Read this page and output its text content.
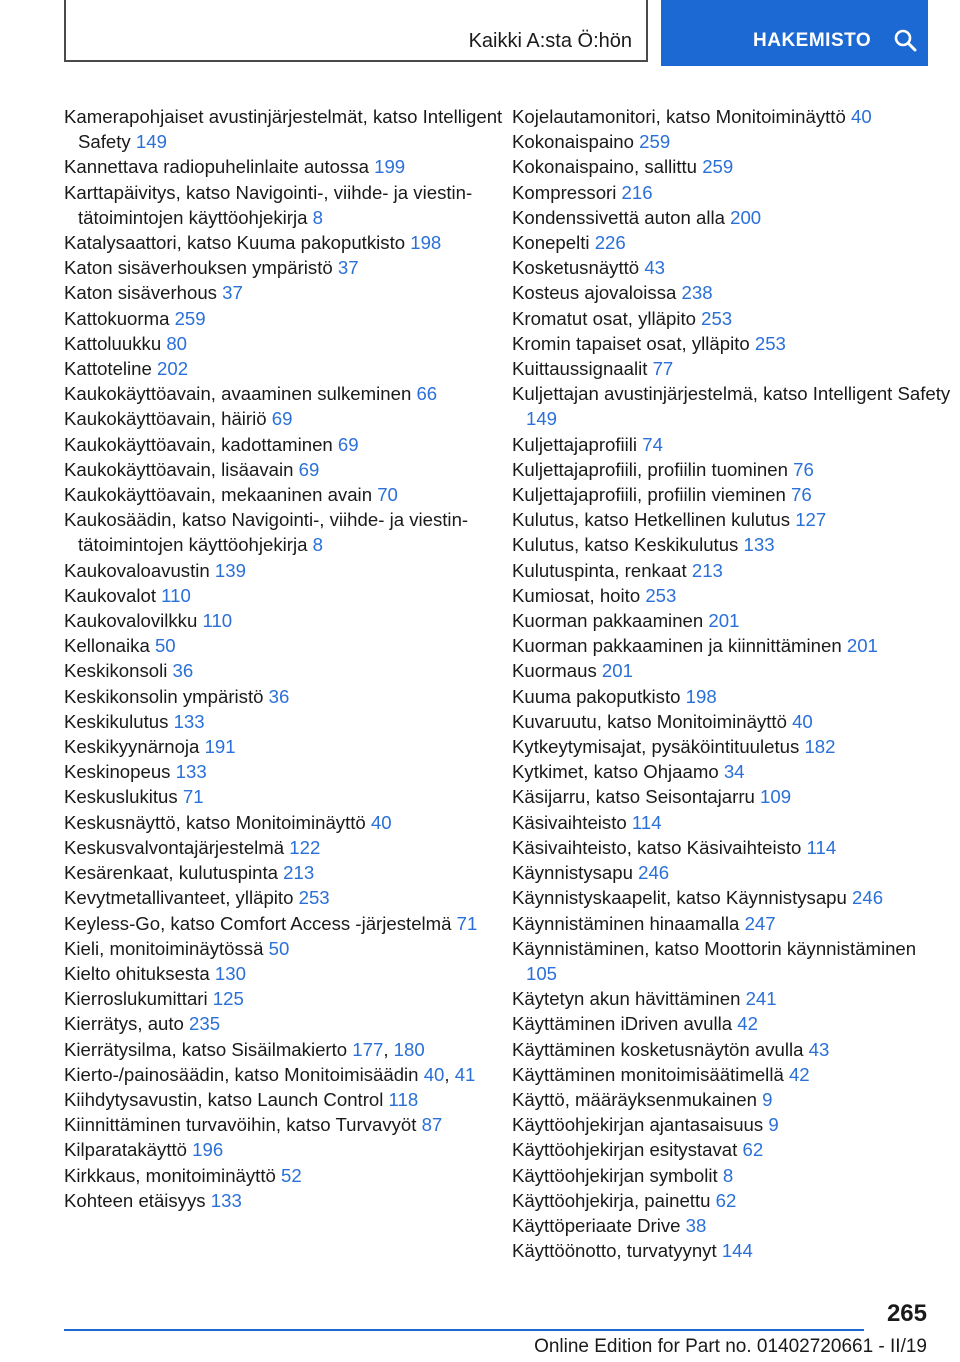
Kaikki A:sta Ö:hön	HAKEMISTO
Kamerapohjaiset avustinjärjestelmät, katso Intelligent Safety 149
Kannettava radiopuhelinlaite autossa 199
Karttapäivitys, katso Navigointi-, viihde- ja viestintätoimintojen käyttöohjekirja 8
Katalysaattori, katso Kuuma pakoputkisto 198
Katon sisäverhouksen ympäristö 37
Katon sisäverhous 37
Kattokuorma 259
Kattoluukku 80
Kattoteline 202
Kaukokäyttöavain, avaaminen sulkeminen 66
Kaukokäyttöavain, häiriö 69
Kaukokäyttöavain, kadottaminen 69
Kaukokäyttöavain, lisäavain 69
Kaukokäyttöavain, mekaaninen avain 70
Kaukosäädin, katso Navigointi-, viihde- ja viestintätoimintojen käyttöohjekirja 8
Kaukovaloavustin 139
Kaukovalot 110
Kaukovalovilkku 110
Kellonaika 50
Keskikonsoli 36
Keskikonsolin ympäristö 36
Keskikulutus 133
Keskikyynärnoja 191
Keskinopeus 133
Keskuslukitus 71
Keskusnäyttö, katso Monitoiminäyttö 40
Keskusvalvontajärjestelmä 122
Kesärenkaat, kulutuspinta 213
Kevytmetallivanteet, ylläpito 253
Keyless-Go, katso Comfort Access -järjestelmä 71
Kieli, monitoiminäytössä 50
Kielto ohituksesta 130
Kierroslukumittari 125
Kierrätys, auto 235
Kierrätysilma, katso Sisäilmakierto 177, 180
Kierto-/painosäädin, katso Monitoimisäädin 40, 41
Kiihdytysavustin, katso Launch Control 118
Kiinnittäminen turvavöihin, katso Turvavyöt 87
Kilparatakäyttö 196
Kirkkaus, monitoiminäyttö 52
Kohteen etäisyys 133
Kojelautamonitori, katso Monitoiminäyttö 40
Kokonaispaino 259
Kokonaispaino, sallittu 259
Kompressori 216
Kondenssivettä auton alla 200
Konepelti 226
Kosketusnäyttö 43
Kosteus ajovaloissa 238
Kromatut osat, ylläpito 253
Kromin tapaiset osat, ylläpito 253
Kuittaussignaalit 77
Kuljettajan avustinjärjestelmä, katso Intelligent Safety 149
Kuljettajaprofiili 74
Kuljettajaprofiili, profiilin tuominen 76
Kuljettajaprofiili, profiilin vieminen 76
Kulutus, katso Hetkellinen kulutus 127
Kulutus, katso Keskikulutus 133
Kulutuspinta, renkaat 213
Kumiosat, hoito 253
Kuorman pakkaaminen 201
Kuorman pakkaaminen ja kiinnittäminen 201
Kuormaus 201
Kuuma pakoputkisto 198
Kuvaruutu, katso Monitoiminäyttö 40
Kytkeytymisajat, pysäköintituuletus 182
Kytkimet, katso Ohjaamo 34
Käsijarru, katso Seisontajarru 109
Käsivaihteisto 114
Käsivaihteisto, katso Käsivaihteisto 114
Käynnistysapu 246
Käynnistyskaapelit, katso Käynnistysapu 246
Käynnistäminen hinaamalla 247
Käynnistäminen, katso Moottorin käynnistäminen 105
Käytetyn akun hävittäminen 241
Käyttäminen iDriven avulla 42
Käyttäminen kosketusnäytön avulla 43
Käyttäminen monitoimisäätimellä 42
Käyttö, määräyksenmukainen 9
Käyttöohjekirjan ajantasaisuus 9
Käyttöohjekirjan esitystavat 62
Käyttöohjekirjan symbolit 8
Käyttöohjekirja, painettu 62
Käyttöperiaate Drive 38
Käyttöönotto, turvatyynyt 144
265
Online Edition for Part no. 01402720661 - II/19
